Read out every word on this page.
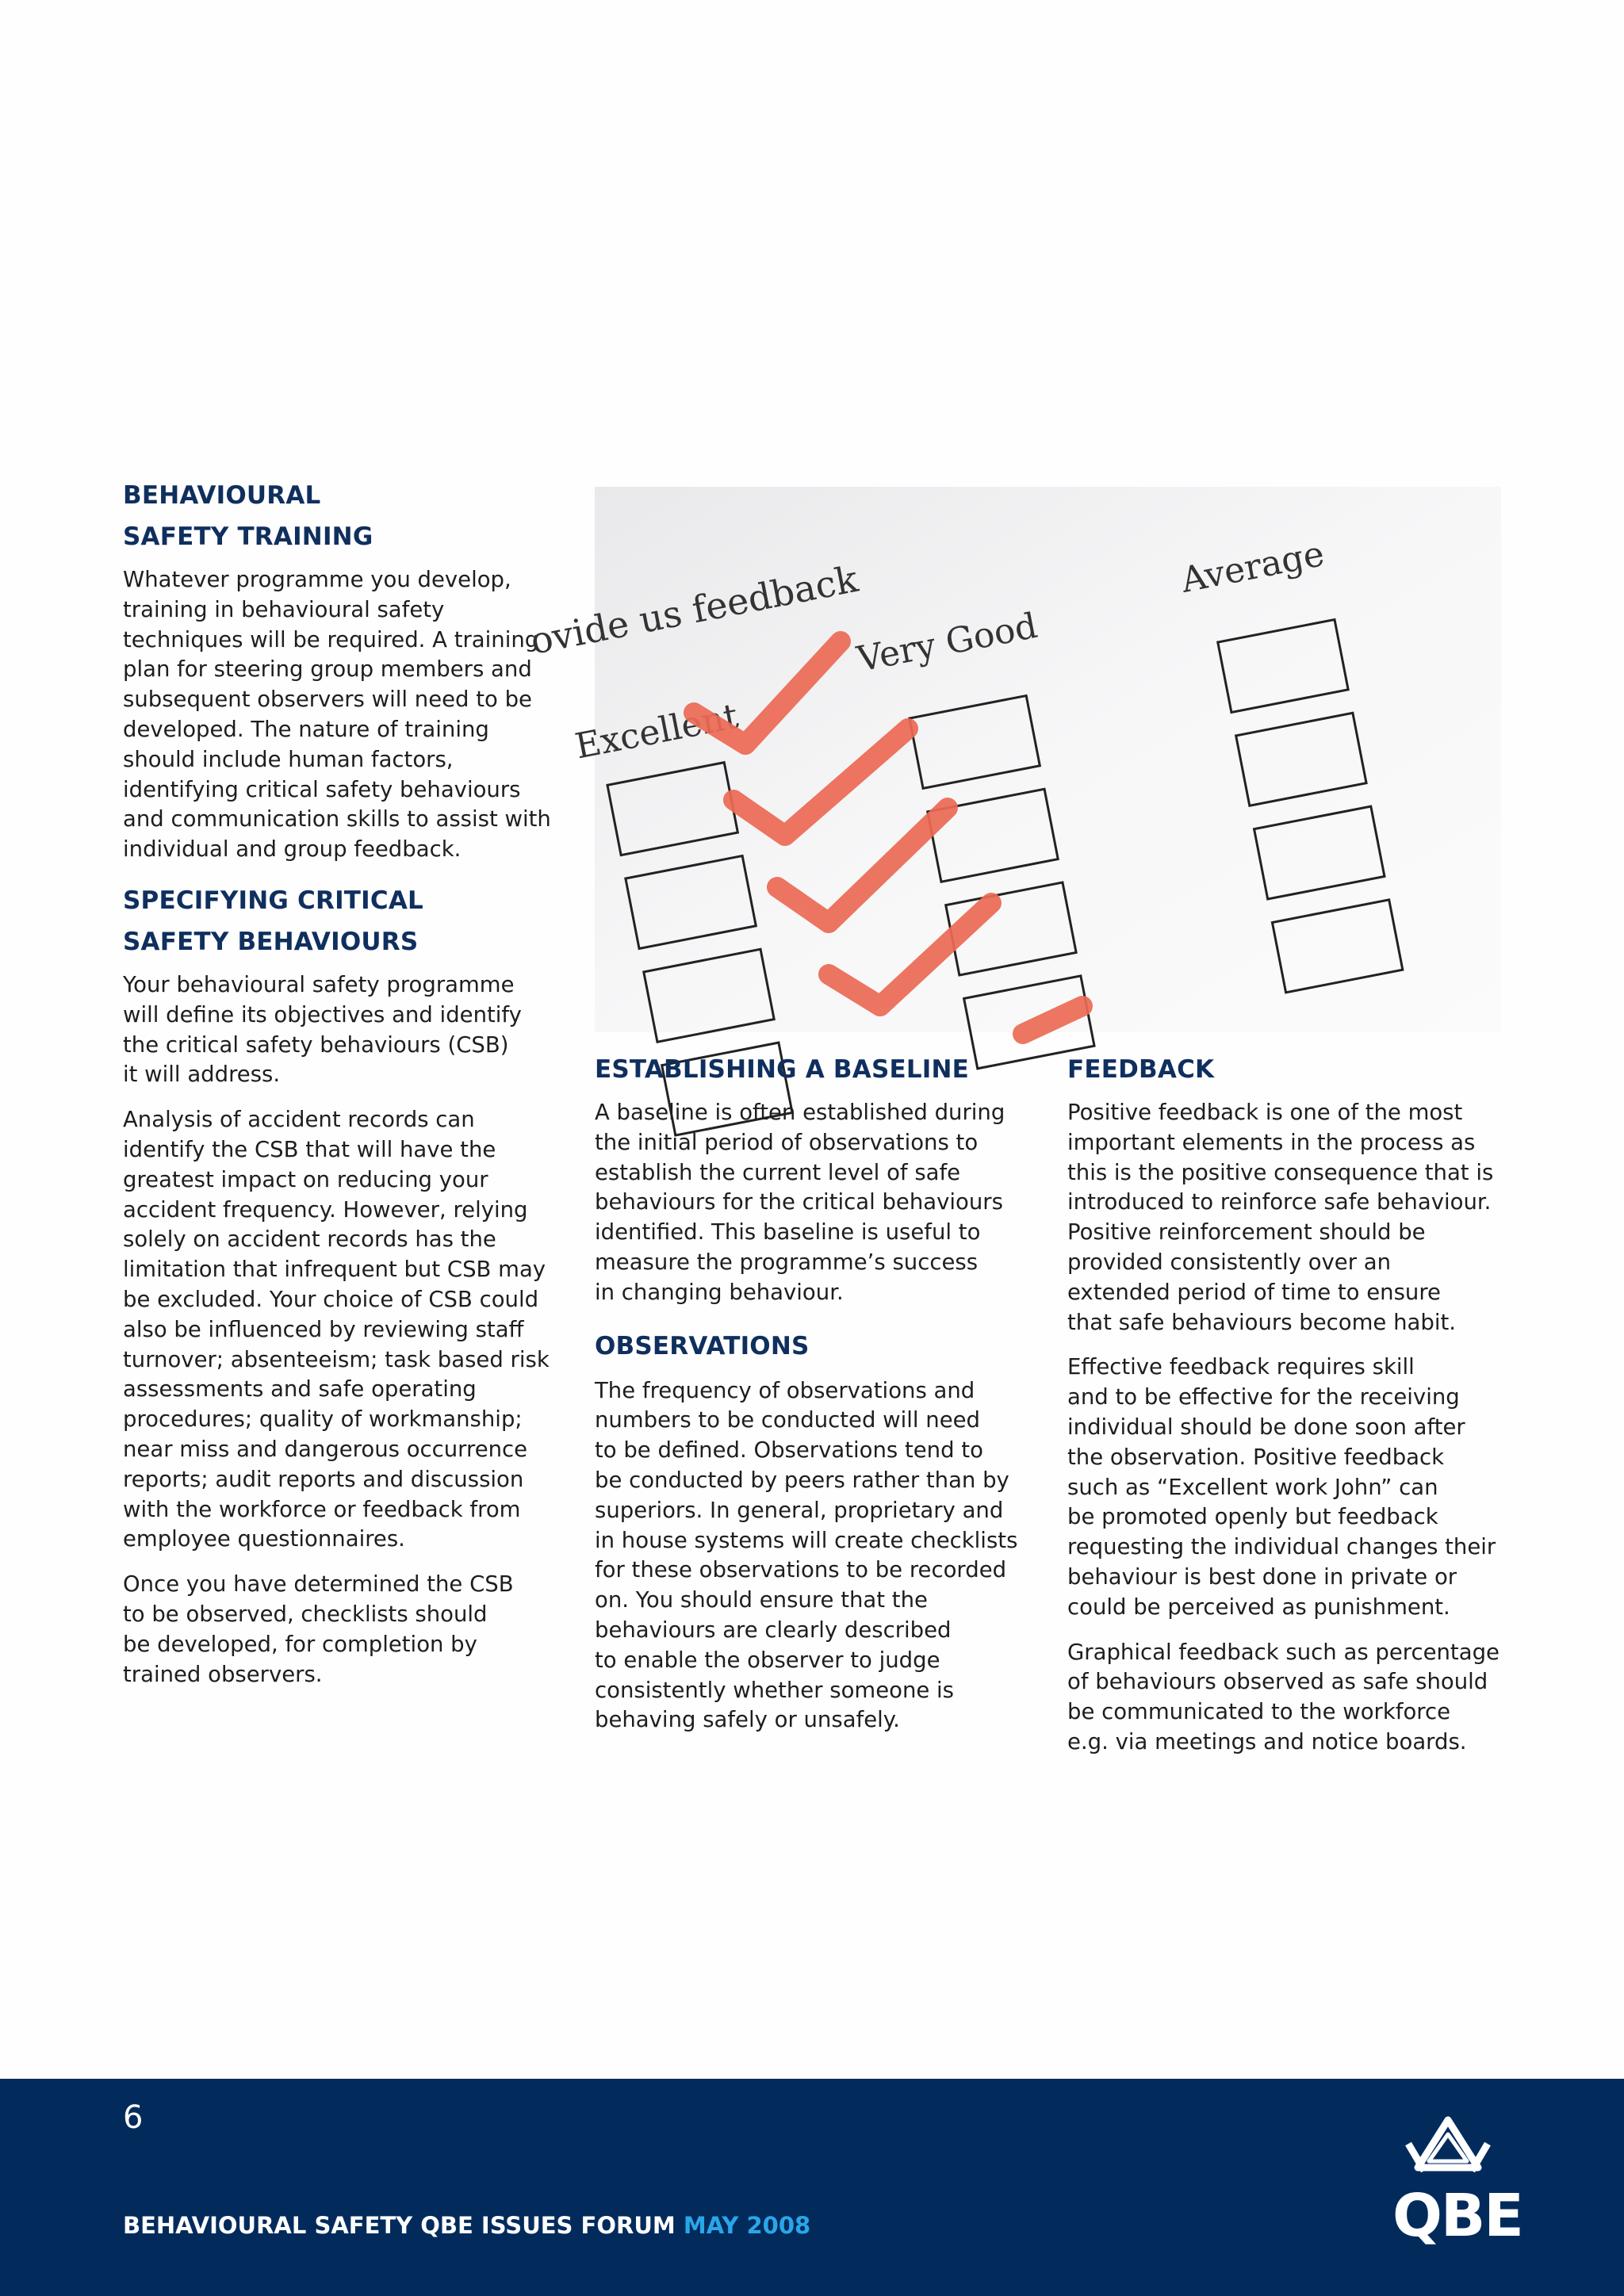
BEHAVIOURAL
SAFETY TRAINING

Whatever programme you develop,
training in behavioural safety
techniques will be required. A training
plan for steering group members and
subsequent observers will need to be
developed. The nature of training
should include human factors,
identifying critical safety behaviours
and communication skills to assist with
individual and group feedback.

SPECIFYING CRITICAL
SAFETY BEHAVIOURS

Your behavioural safety programme
will define its objectives and identify
the critical safety behaviours (CSB)
it will address.

Analysis of accident records can
identify the CSB that will have the
greatest impact on reducing your
accident frequency. However, relying
solely on accident records has the
limitation that infrequent but CSB may
be excluded. Your choice of CSB could
also be influenced by reviewing staff
turnover; absenteeism; task based risk
assessments and safe operating
procedures; quality of workmanship;
near miss and dangerous occurrence
reports; audit reports and discussion
with the workforce or feedback from
employee questionnaires.

Once you have determined the CSB
to be observed, checklists should
be developed, for completion by
trained observers.

ovide us feedback
Excellent
Very Good
Average
ESTABLISHING A BASELINE

A baseline is often established during
the initial period of observations to
establish the current level of safe
behaviours for the critical behaviours
identified. This baseline is useful to
measure the programme’s success
in changing behaviour.

OBSERVATIONS

The frequency of observations and
numbers to be conducted will need
to be defined. Observations tend to
be conducted by peers rather than by
superiors. In general, proprietary and
in house systems will create checklists
for these observations to be recorded
on. You should ensure that the
behaviours are clearly described
to enable the observer to judge
consistently whether someone is
behaving safely or unsafely.

FEEDBACK

Positive feedback is one of the most
important elements in the process as
this is the positive consequence that is
introduced to reinforce safe behaviour.
Positive reinforcement should be
provided consistently over an
extended period of time to ensure
that safe behaviours become habit.

Effective feedback requires skill
and to be effective for the receiving
individual should be done soon after
the observation. Positive feedback
such as “Excellent work John” can
be promoted openly but feedback
requesting the individual changes their
behaviour is best done in private or
could be perceived as punishment.

Graphical feedback such as percentage
of behaviours observed as safe should
be communicated to the workforce
e.g. via meetings and notice boards.

6
BEHAVIOURAL SAFETY QBE ISSUES FORUM MAY 2008	QBE
